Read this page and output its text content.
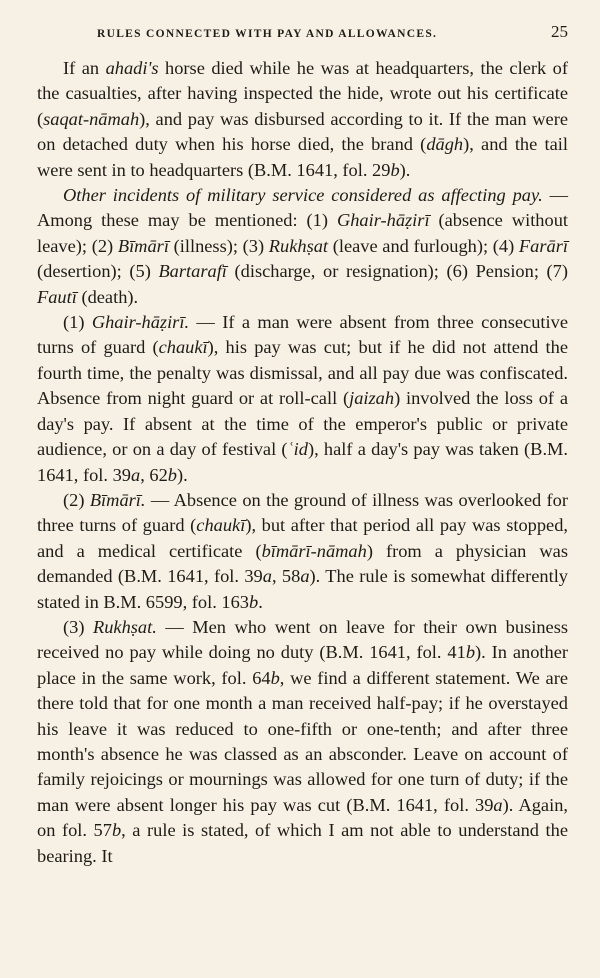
RULES CONNECTED WITH PAY AND ALLOWANCES.	25

If an ahadi's horse died while he was at headquarters, the clerk of the casualties, after having inspected the hide, wrote out his certificate (saqat-nāmah), and pay was disbursed according to it. If the man were on detached duty when his horse died, the brand (dāgh), and the tail were sent in to headquarters (B.M. 1641, fol. 29b).

Other incidents of military service considered as affecting pay. — Among these may be mentioned: (1) Ghair-hāẓirī (absence without leave); (2) Bīmārī (illness); (3) Rukhṣat (leave and furlough); (4) Farārī (desertion); (5) Bartarafī (discharge, or resignation); (6) Pension; (7) Fautī (death).

(1) Ghair-hāẓirī. — If a man were absent from three consecutive turns of guard (chaukī), his pay was cut; but if he did not attend the fourth time, the penalty was dismissal, and all pay due was confiscated. Absence from night guard or at roll-call (jaizah) involved the loss of a day's pay. If absent at the time of the emperor's public or private audience, or on a day of festival (ʿid), half a day's pay was taken (B.M. 1641, fol. 39a, 62b).

(2) Bīmārī. — Absence on the ground of illness was overlooked for three turns of guard (chaukī), but after that period all pay was stopped, and a medical certificate (bīmārī-nāmah) from a physician was demanded (B.M. 1641, fol. 39a, 58a). The rule is somewhat differently stated in B.M. 6599, fol. 163b.

(3) Rukhṣat. — Men who went on leave for their own business received no pay while doing no duty (B.M. 1641, fol. 41b). In another place in the same work, fol. 64b, we find a different statement. We are there told that for one month a man received half-pay; if he overstayed his leave it was reduced to one-fifth or one-tenth; and after three month's absence he was classed as an absconder. Leave on account of family rejoicings or mournings was allowed for one turn of duty; if the man were absent longer his pay was cut (B.M. 1641, fol. 39a). Again, on fol. 57b, a rule is stated, of which I am not able to understand the bearing. It
